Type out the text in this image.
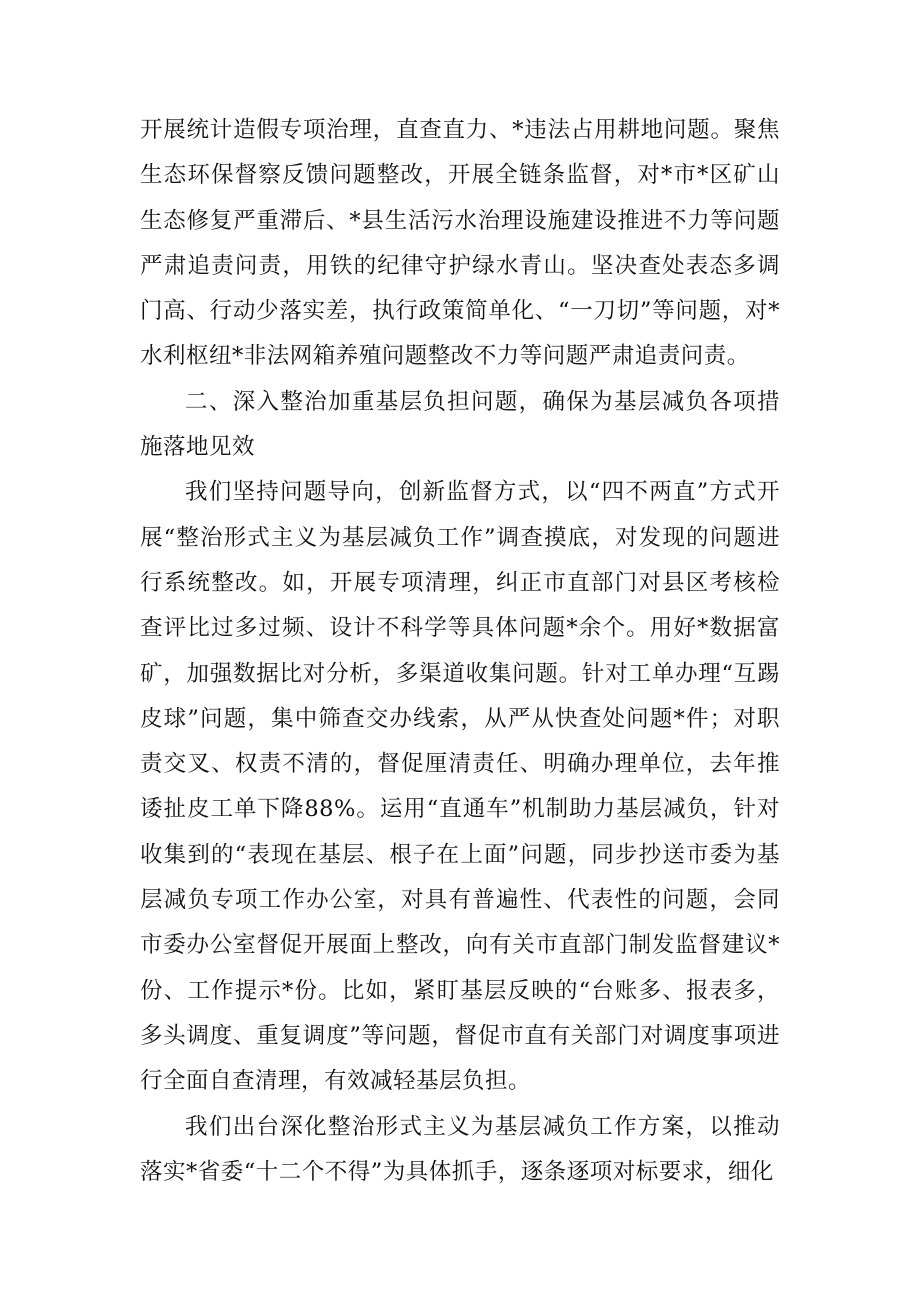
开展统计造假专项治理，直查直力、*违法占用耕地问题。聚焦生态环保督察反馈问题整改，开展全链条监督，对*市*区矿山生态修复严重滞后、*县生活污水治理设施建设推进不力等问题严肃追责问责，用铁的纪律守护绿水青山。坚决查处表态多调门高、行动少落实差，执行政策简单化、“一刀切”等问题，对*水利枢纽*非法网箱养殖问题整改不力等问题严肃追责问责。

二、深入整治加重基层负担问题，确保为基层减负各项措施落地见效

我们坚持问题导向，创新监督方式，以“四不两直”方式开展“整治形式主义为基层减负工作”调查摸底，对发现的问题进行系统整改。如，开展专项清理，纠正市直部门对县区考核检查评比过多过频、设计不科学等具体问题*余个。用好*数据富矿，加强数据比对分析，多渠道收集问题。针对工单办理“互踢皮球”问题，集中筛查交办线索，从严从快查处问题*件；对职责交叉、权责不清的，督促厘清责任、明确办理单位，去年推诿扯皮工单下降88%。运用“直通车”机制助力基层减负，针对收集到的“表现在基层、根子在上面”问题，同步抄送市委为基层减负专项工作办公室，对具有普遍性、代表性的问题，会同市委办公室督促开展面上整改，向有关市直部门制发监督建议*份、工作提示*份。比如，紧盯基层反映的“台账多、报表多，多头调度、重复调度”等问题，督促市直有关部门对调度事项进行全面自查清理，有效减轻基层负担。

我们出台深化整治形式主义为基层减负工作方案，以推动落实*省委“十二个不得”为具体抓手，逐条逐项对标要求，细化
